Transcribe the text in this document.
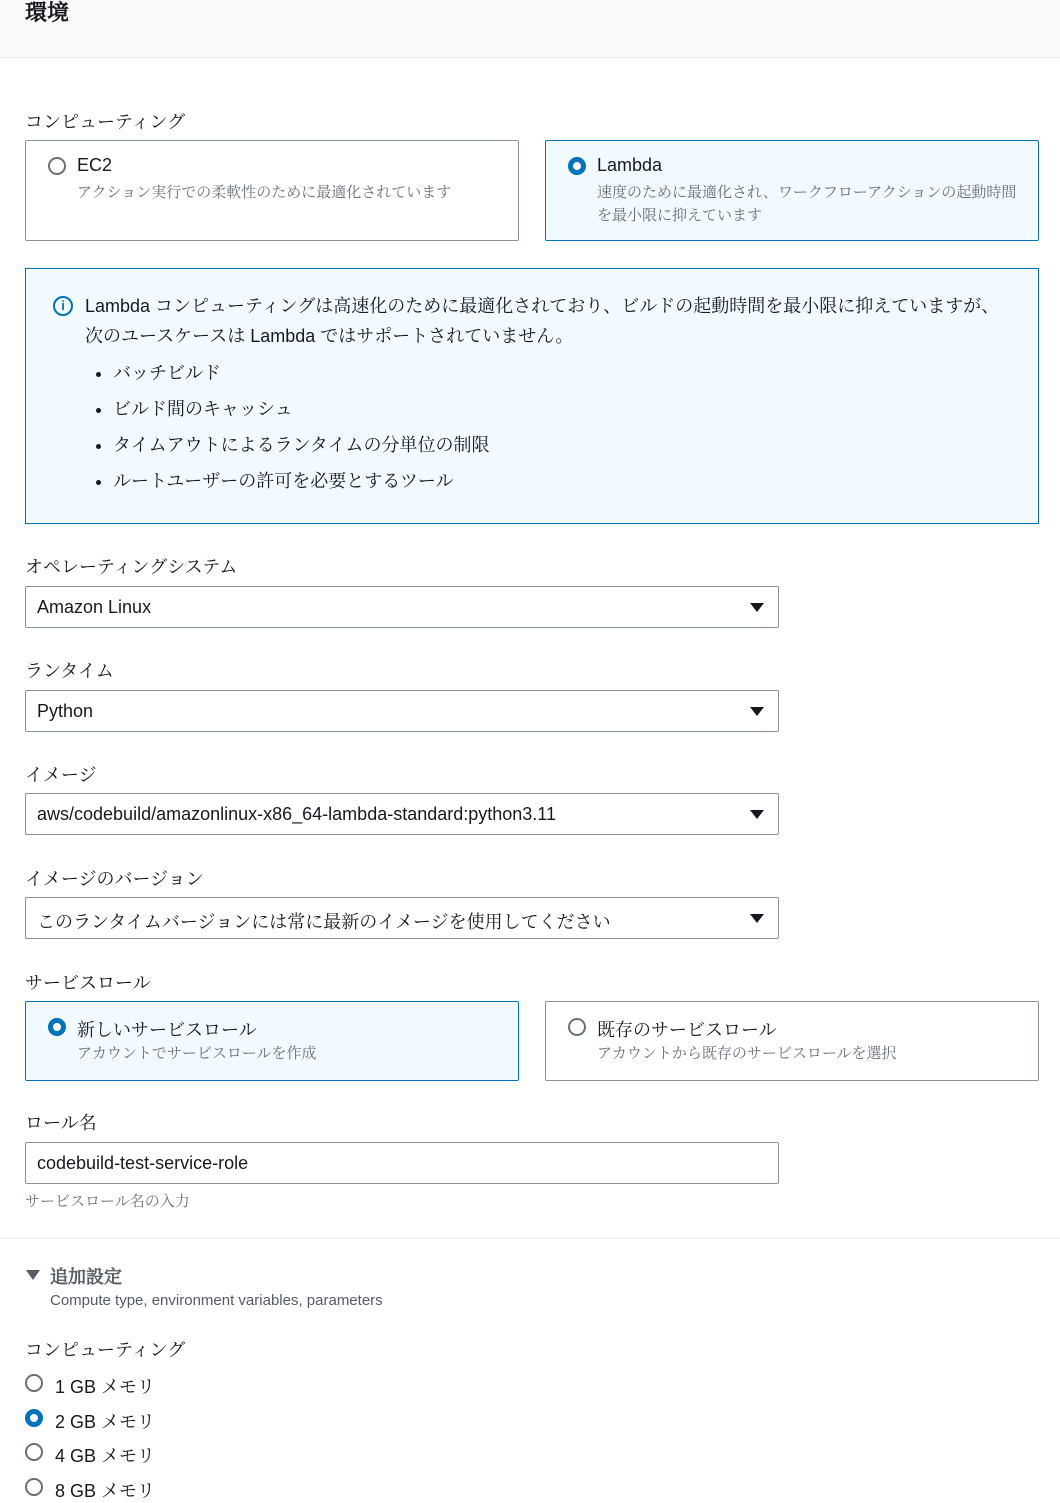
環境
コンピューティング
EC2
アクション実行での柔軟性のために最適化されています
Lambda
速度のために最適化され、ワークフローアクションの起動時間を最小限に抑えています
i	Lambda コンピューティングは高速化のために最適化されており、ビルドの起動時間を最小限に抑えていますが、次のユースケースは Lambda ではサポートされていません。
• バッチビルド
• ビルド間のキャッシュ
• タイムアウトによるランタイムの分単位の制限
• ルートユーザーの許可を必要とするツール
オペレーティングシステム
Amazon Linux
ランタイム
Python
イメージ
aws/codebuild/amazonlinux-x86_64-lambda-standard:python3.11
イメージのバージョン
このランタイムバージョンには常に最新のイメージを使用してください
サービスロール
新しいサービスロール
アカウントでサービスロールを作成
既存のサービスロール
アカウントから既存のサービスロールを選択
ロール名
codebuild-test-service-role
サービスロール名の入力
追加設定
Compute type, environment variables, parameters
コンピューティング
1 GB メモリ
2 GB メモリ
4 GB メモリ
8 GB メモリ
